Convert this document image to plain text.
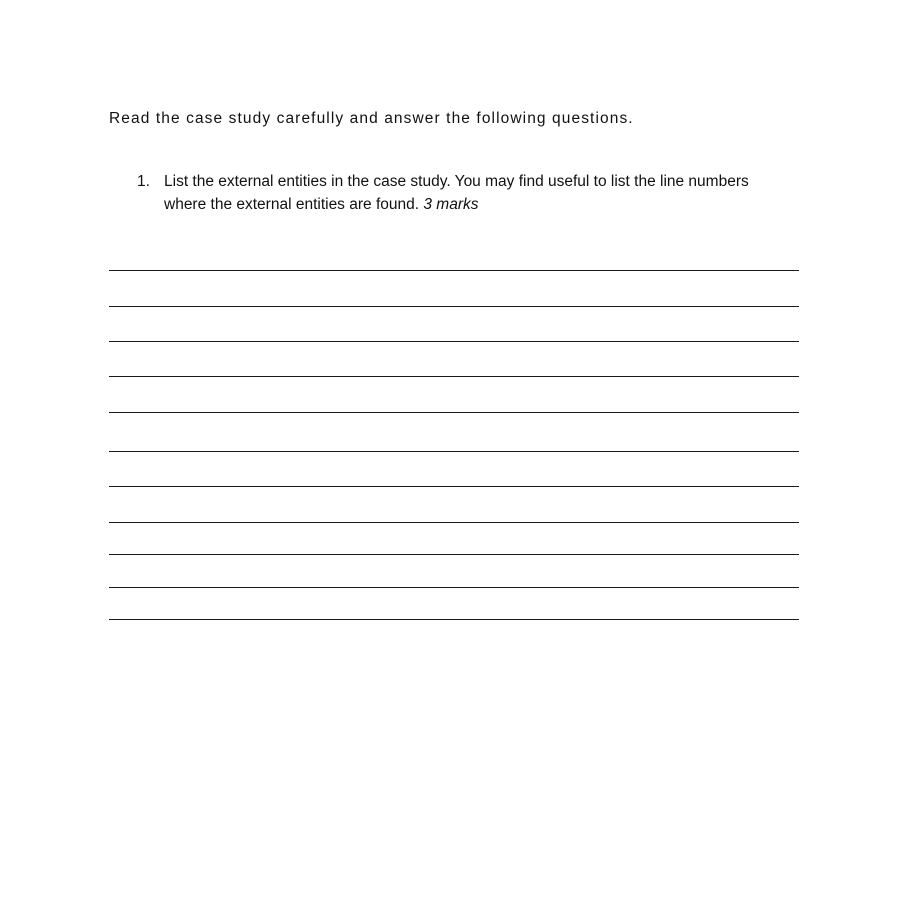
Read the case study carefully and answer the following questions.
1. List the external entities in the case study. You may find useful to list the line numbers where the external entities are found. 3 marks
